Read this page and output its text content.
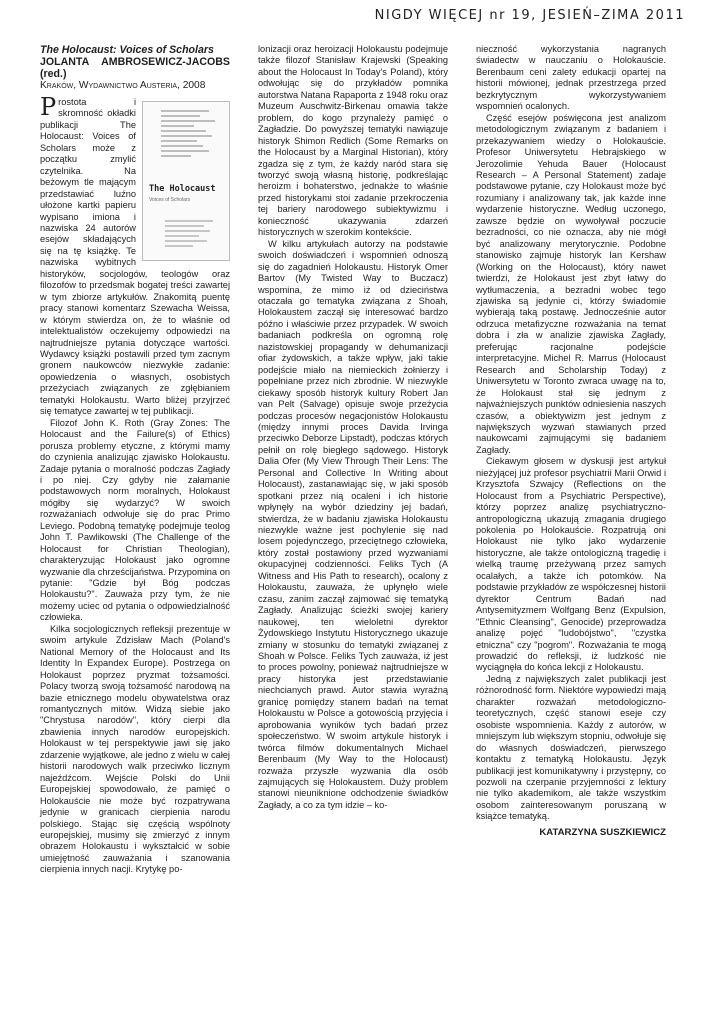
NIGDY WIĘCEJ nr 19, JESIEŃ–ZIMA 2011
The Holocaust: Voices of Scholars
JOLANTA AMBROSEWICZ-JACOBS (red.)
Kraków, Wydawnictwo Austeria, 2008
The Holocaust
Voices of Scholars

Prostota i skromność okładki publikacji The Holocaust: Voices of Scholars może z początku zmylić czytelnika. Na beżowym tle mającym przedstawiać luźno ułożone kartki papieru wypisano imiona i nazwiska 24 autorów esejów składających się na tę książkę. Te nazwiska wybitnych historyków, socjologów, teologów oraz filozofów to przedsmak bogatej treści zawartej w tym zbiorze artykułów. Znakomitą puentę pracy stanowi komentarz Szewacha Weissa, w którym stwierdza on, że to właśnie od intelektualistów oczekujemy odpowiedzi na najtrudniejsze pytania dotyczące wartości. Wydawcy książki postawili przed tym zacnym gronem naukowców niezwykłe zadanie: opowiedzenia o własnych, osobistych przeżyciach związanych ze zgłębianiem tematyki Holokaustu. Warto bliżej przyjrzeć się tematyce zawartej w tej publikacji.

Filozof John K. Roth (Gray Zones: The Holocaust and the Failure(s) of Ethics) porusza problemy etyczne, z którymi mamy do czynienia analizując zjawisko Holokaustu. Zadaje pytania o moralność podczas Zagłady i po niej. Czy gdyby nie załamanie podstawowych norm moralnych, Holokaust mógłby się wydarzyć? W swoich rozważaniach odwołuje się do prac Primo Leviego. Podobną tematykę podejmuje teolog John T. Pawlikowski (The Challenge of the Holocaust for Christian Theologian), charakteryzując Holokaust jako ogromne wyzwanie dla chrześcijaństwa. Przypomina on pytanie: "Gdzie był Bóg podczas Holokaustu?". Zauważa przy tym, że nie możemy uciec od pytania o odpowiedzialność człowieka.

Kilka socjologicznych refleksji prezentuje w swoim artykule Zdzisław Mach (Poland's National Memory of the Holocaust and Its Identity In Expandex Europe). Postrzega on Holokaust poprzez pryzmat tożsamości. Polacy tworzą swoją tożsamość narodową na bazie etnicznego modelu obywatelstwa oraz romantycznych mitów. Widzą siebie jako "Chrystusa narodów", który cierpi dla zbawienia innych narodów europejskich. Holokaust w tej perspektywie jawi się jako zdarzenie wyjątkowe, ale jedno z wielu w całej historii narodowych walk przeciwko licznym najeźdźcom. Wejście Polski do Unii Europejskiej spowodowało, że pamięć o Holokauście nie może być rozpatrywana jedynie w granicach cierpienia narodu polskiego. Stając się częścią wspólnoty europejskiej, musimy się zmierzyć z innym obrazem Holokaustu i wykształcić w sobie umiejętność zauważania i szanowania cierpienia innych nacji. Krytykę po-

lonizacji oraz heroizacji Holokaustu podejmuje także filozof Stanisław Krajewski (Speaking about the Holocaust In Today's Poland), który odwołując się do przykładów pomnika autorstwa Natana Rapaporta z 1948 roku oraz Muzeum Auschwitz-Birkenau omawia także problem, do kogo przynależy pamięć o Zagładzie. Do powyższej tematyki nawiązuje historyk Shimon Redlich (Some Remarks on the Holocaust by a Marginal Historian), który zgadza się z tym, że każdy naród stara się tworzyć swoją własną historię, podkreślając heroizm i bohaterstwo, jednakże to właśnie przed historykami stoi zadanie przekroczenia tej bariery narodowego subiektywizmu i konieczność ukazywania zdarzeń historycznych w szerokim kontekście.

W kilku artykułach autorzy na podstawie swoich doświadczeń i wspomnień odnoszą się do zagadnień Holokaustu. Historyk Omer Bartov (My Twisted Way to Buczacz) wspomina, że mimo iż od dzieciństwa otaczała go tematyka związana z Shoah, Holokaustem zaczął się interesować bardzo późno i właściwie przez przypadek. W swoich badaniach podkreśla on ogromną rolę nazistowskiej propagandy w dehumanizacji ofiar żydowskich, a także wpływ, jaki takie podejście miało na niemieckich żołnierzy i popełniane przez nich zbrodnie. W niezwykle ciekawy sposób historyk kultury Robert Jan van Pelt (Salvage) opisuje swoje przeżycia podczas procesów negacjonistów Holokaustu (między innymi proces Davida Irvinga przeciwko Deborze Lipstadt), podczas których pełnił on rolę biegłego sądowego. Historyk Dalia Ofer (My View Through Their Lens: The Personal and Collective In Writing about Holocaust), zastanawiając się, w jaki sposób spotkani przez nią ocaleni i ich historie wpłynęły na wybór dziedziny jej badań, stwierdza, że w badaniu zjawiska Holokaustu niezwykle ważne jest pochylenie się nad losem pojedynczego, przeciętnego człowieka, który został postawiony przed wyzwaniami okupacyjnej codzienności. Feliks Tych (A Witness and His Path to research), ocalony z Holokaustu, zauważa, że upłynęło wiele czasu, zanim zaczął zajmować się tematyką Zagłady. Analizując ścieżki swojej kariery naukowej, ten wieloletni dyrektor Żydowskiego Instytutu Historycznego ukazuje zmiany w stosunku do tematyki związanej z Shoah w Polsce. Feliks Tych zauważa, iż jest to proces powolny, ponieważ najtrudniejsze w pracy historyka jest przedstawianie niechcianych prawd. Autor stawia wyraźną granicę pomiędzy stanem badań na temat Holokaustu w Polsce a gotowością przyjęcia i aprobowania wyników tych badań przez społeczeństwo. W swoim artykule historyk i twórca filmów dokumentalnych Michael Berenbaum (My Way to the Holocaust) rozważa przyszłe wyzwania dla osób zajmujących się Holokaustem. Duży problem stanowi nieuniknione odchodzenie świadków Zagłady, a co za tym idzie – ko-

nieczność wykorzystania nagranych świadectw w nauczaniu o Holokauście. Berenbaum ceni zalety edukacji opartej na historii mówionej, jednak przestrzega przed bezkrytycznym wykorzystywaniem wspomnień ocalonych.

Część esejów poświęcona jest analizom metodologicznym związanym z badaniem i przekazywaniem wiedzy o Holokauście. Profesor Uniwersytetu Hebrajskiego w Jerozolimie Yehuda Bauer (Holocaust Research – A Personal Statement) zadaje podstawowe pytanie, czy Holokaust może być rozumiany i analizowany tak, jak każde inne wydarzenie historyczne. Według uczonego, zawsze będzie on wywoływał poczucie bezradności, co nie oznacza, aby nie mógł być analizowany merytorycznie. Podobne stanowisko zajmuje historyk Ian Kershaw (Working on the Holocaust), który nawet twierdzi, że Holokaust jest zbyt łatwy do wytłumaczenia, a bezradni wobec tego zjawiska są jedynie ci, którzy świadomie wybierają taką postawę. Jednocześnie autor odrzuca metafizyczne rozważania na temat dobra i zła w analizie zjawiska Zagłady, preferując racjonalne podejście interpretacyjne. Michel R. Marrus (Holocaust Research and Scholarship Today) z Uniwersytetu w Toronto zwraca uwagę na to, że Holokaust stał się jednym z najważniejszych punktów odniesienia naszych czasów, a obiektywizm jest jednym z największych wyzwań stawianych przed naukowcami zajmującymi się badaniem Zagłady.

Ciekawym głosem w dyskusji jest artykuł nieżyjącej już profesor psychiatrii Marii Orwid i Krzysztofa Szwajcy (Reflections on the Holocaust from a Psychiatric Perspective), którzy poprzez analizę psychiatryczno-antropologiczną ukazują zmagania drugiego pokolenia po Holokauście. Rozpatrują oni Holokaust nie tylko jako wydarzenie historyczne, ale także ontologiczną tragedię i wielką traumę przeżywaną przez samych ocalałych, a także ich potomków. Na podstawie przykładów ze współczesnej historii dyrektor Centrum Badań nad Antysemityzmem Wolfgang Benz (Expulsion, "Ethnic Cleansing", Genocide) przeprowadza analizę pojęć "ludobójstwo", "czystka etniczna" czy "pogrom". Rozważania te mogą prowadzić do refleksji, iż ludzkość nie wyciągnęła do końca lekcji z Holokaustu.

Jedną z największych zalet publikacji jest różnorodność form. Niektóre wypowiedzi mają charakter rozważań metodologiczno-teoretycznych, część stanowi eseje czy osobiste wspomnienia. Każdy z autorów, w mniejszym lub większym stopniu, odwołuje się do własnych doświadczeń, pierwszego kontaktu z tematyką Holokaustu. Język publikacji jest komunikatywny i przystępny, co pozwoli na czerpanie przyjemności z lektury nie tylko akademikom, ale także wszystkim osobom zainteresowanym poruszaną w książce tematyką.

KATARZYNA SUSZKIEWICZ
